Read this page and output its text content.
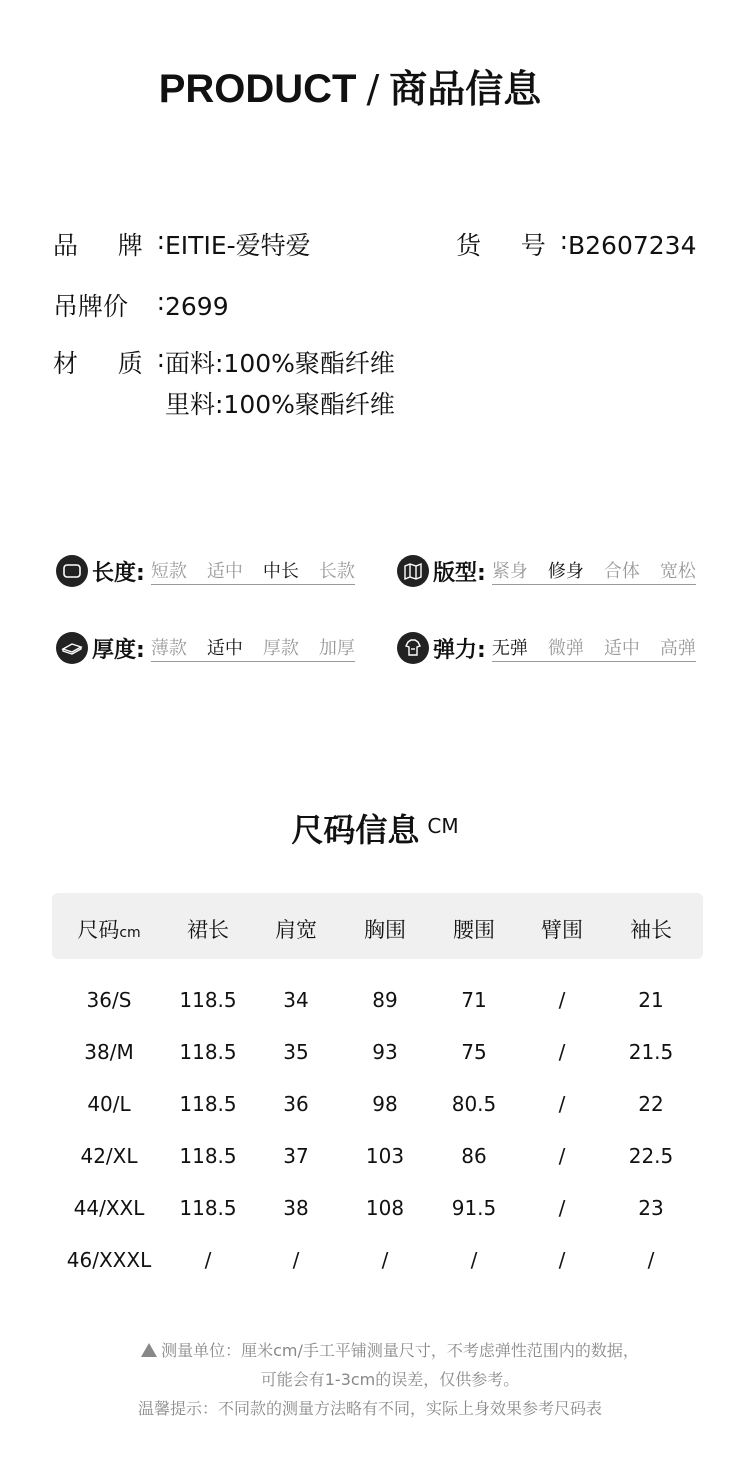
PRODUCT / 商品信息
品 牌 : EITIE-爱特爱	货 号 : B2607234
吊牌价 : 2699
材 质 : 面料:100%聚酯纤维
里料:100%聚酯纤维
长度: 短款 适中 中长 长款	版型: 紧身 修身 合体 宽松
厚度: 薄款 适中 厚款 加厚	弹力: 无弹 微弹 适中 高弹
尺码信息 $^{CM}$
尺码cm 裙长 肩宽 胸围 腰围 臂围 袖长
36/S 118.5 34	89	71	/	21
38/M 118.5 35	93	75	/	21.5
40/L 118.5 36	98	80.5	/	22
42/XL 118.5 37	103	86	/	22.5
44/XXL 118.5 38	108 91.5	/	23
46/XXXL	/	/	/	/	/	/
测量单位：厘米cm/手工平铺测量尺寸，不考虑弹性范围内的数据，
可能会有1-3cm的误差，仅供参考。
温馨提示：不同款的测量方法略有不同，实际上身效果参考尺码表
